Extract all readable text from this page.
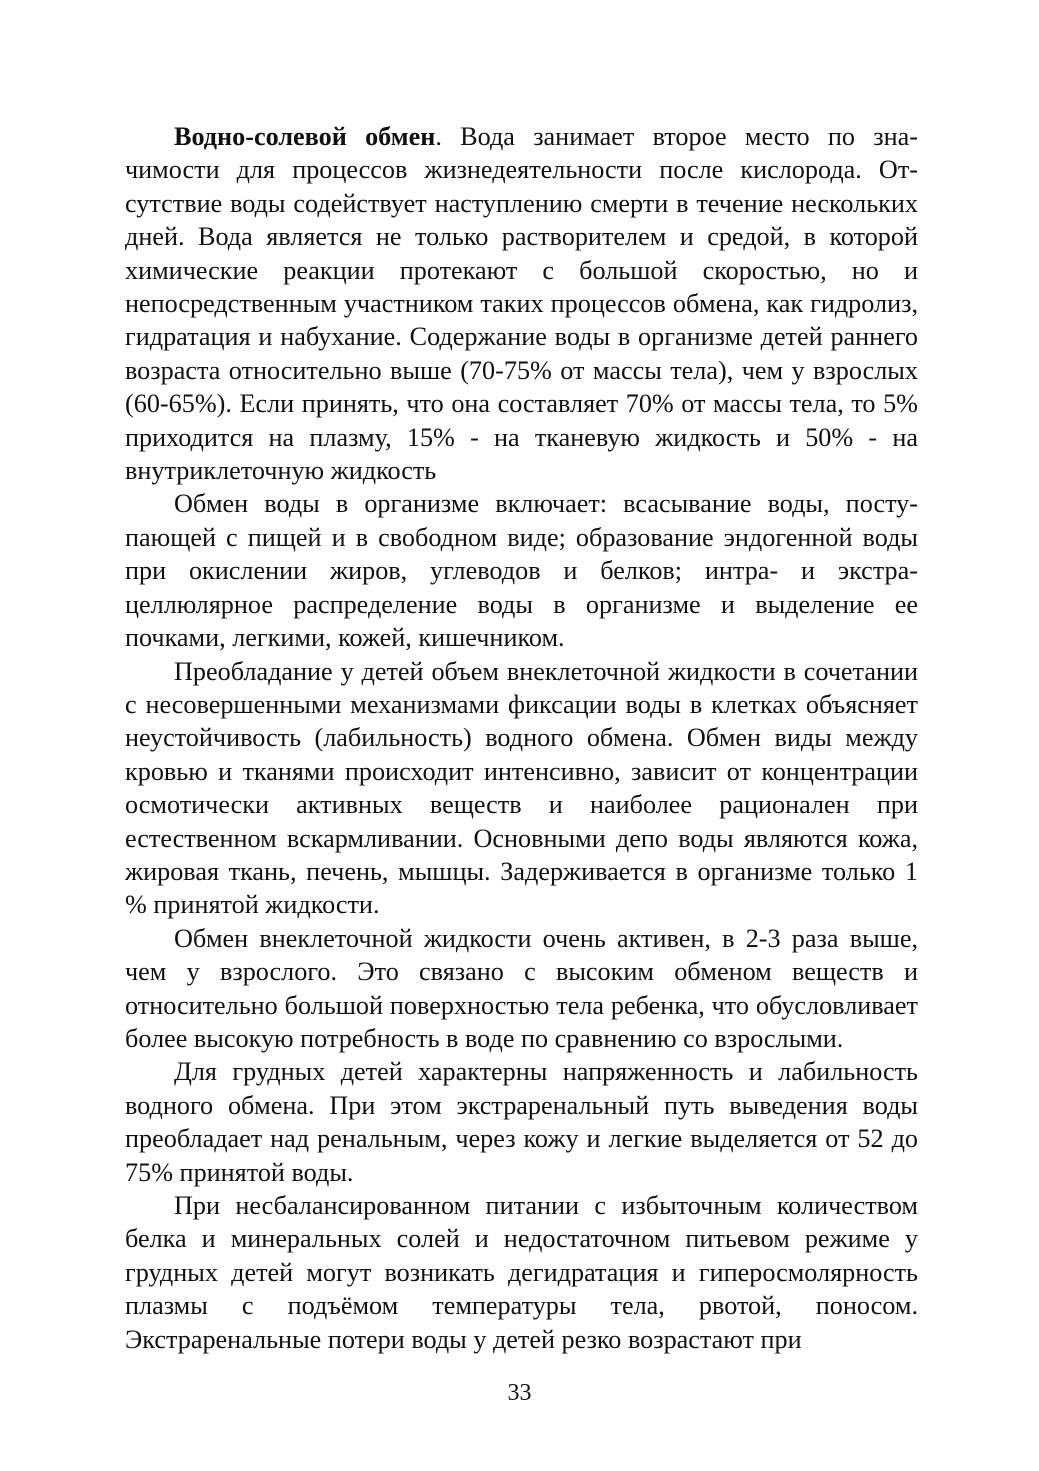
Водно-солевой обмен. Вода занимает второе место по значимости для процессов жизнедеятельности после кислорода. Отсутствие воды содействует наступлению смерти в течение нескольких дней. Вода является не только растворителем и средой, в которой химические реакции протекают с большой скоростью, но и непосредственным участником таких процессов обмена, как гидролиз, гидратация и набухание. Содержание воды в организме детей раннего возраста относительно выше (70-75% от массы тела), чем у взрослых (60-65%). Если принять, что она составляет 70% от массы тела, то 5% приходится на плазму, 15% - на тканевую жидкость и 50% - на внутриклеточную жидкость

Обмен воды в организме включает: всасывание воды, поступающей с пищей и в свободном виде; образование эндогенной воды при окислении жиров, углеводов и белков; интра- и экстрацеллюлярное распределение воды в организме и выделение ее почками, легкими, кожей, кишечником.

Преобладание у детей объем внеклеточной жидкости в сочетании с несовершенными механизмами фиксации воды в клетках объясняет неустойчивость (лабильность) водного обмена. Обмен виды между кровью и тканями происходит интенсивно, зависит от концентрации осмотически активных веществ и наиболее рационален при естественном вскармливании. Основными депо воды являются кожа, жировая ткань, печень, мышцы. Задерживается в организме только 1 % принятой жидкости.

Обмен внеклеточной жидкости очень активен, в 2-3 раза выше, чем у взрослого. Это связано с высоким обменом веществ и относительно большой поверхностью тела ребенка, что обусловливает более высокую потребность в воде по сравнению со взрослыми.

Для грудных детей характерны напряженность и лабильность водного обмена. При этом экстраренальный путь выведения воды преобладает над ренальным, через кожу и легкие выделяется от 52 до 75% принятой воды.

При несбалансированном питании с избыточным количеством белка и минеральных солей и недостаточном питьевом режиме у грудных детей могут возникать дегидратация и гиперосмолярность плазмы с подъёмом температуры тела, рвотой, поносом. Экстраренальные потери воды у детей резко возрастают при

33
